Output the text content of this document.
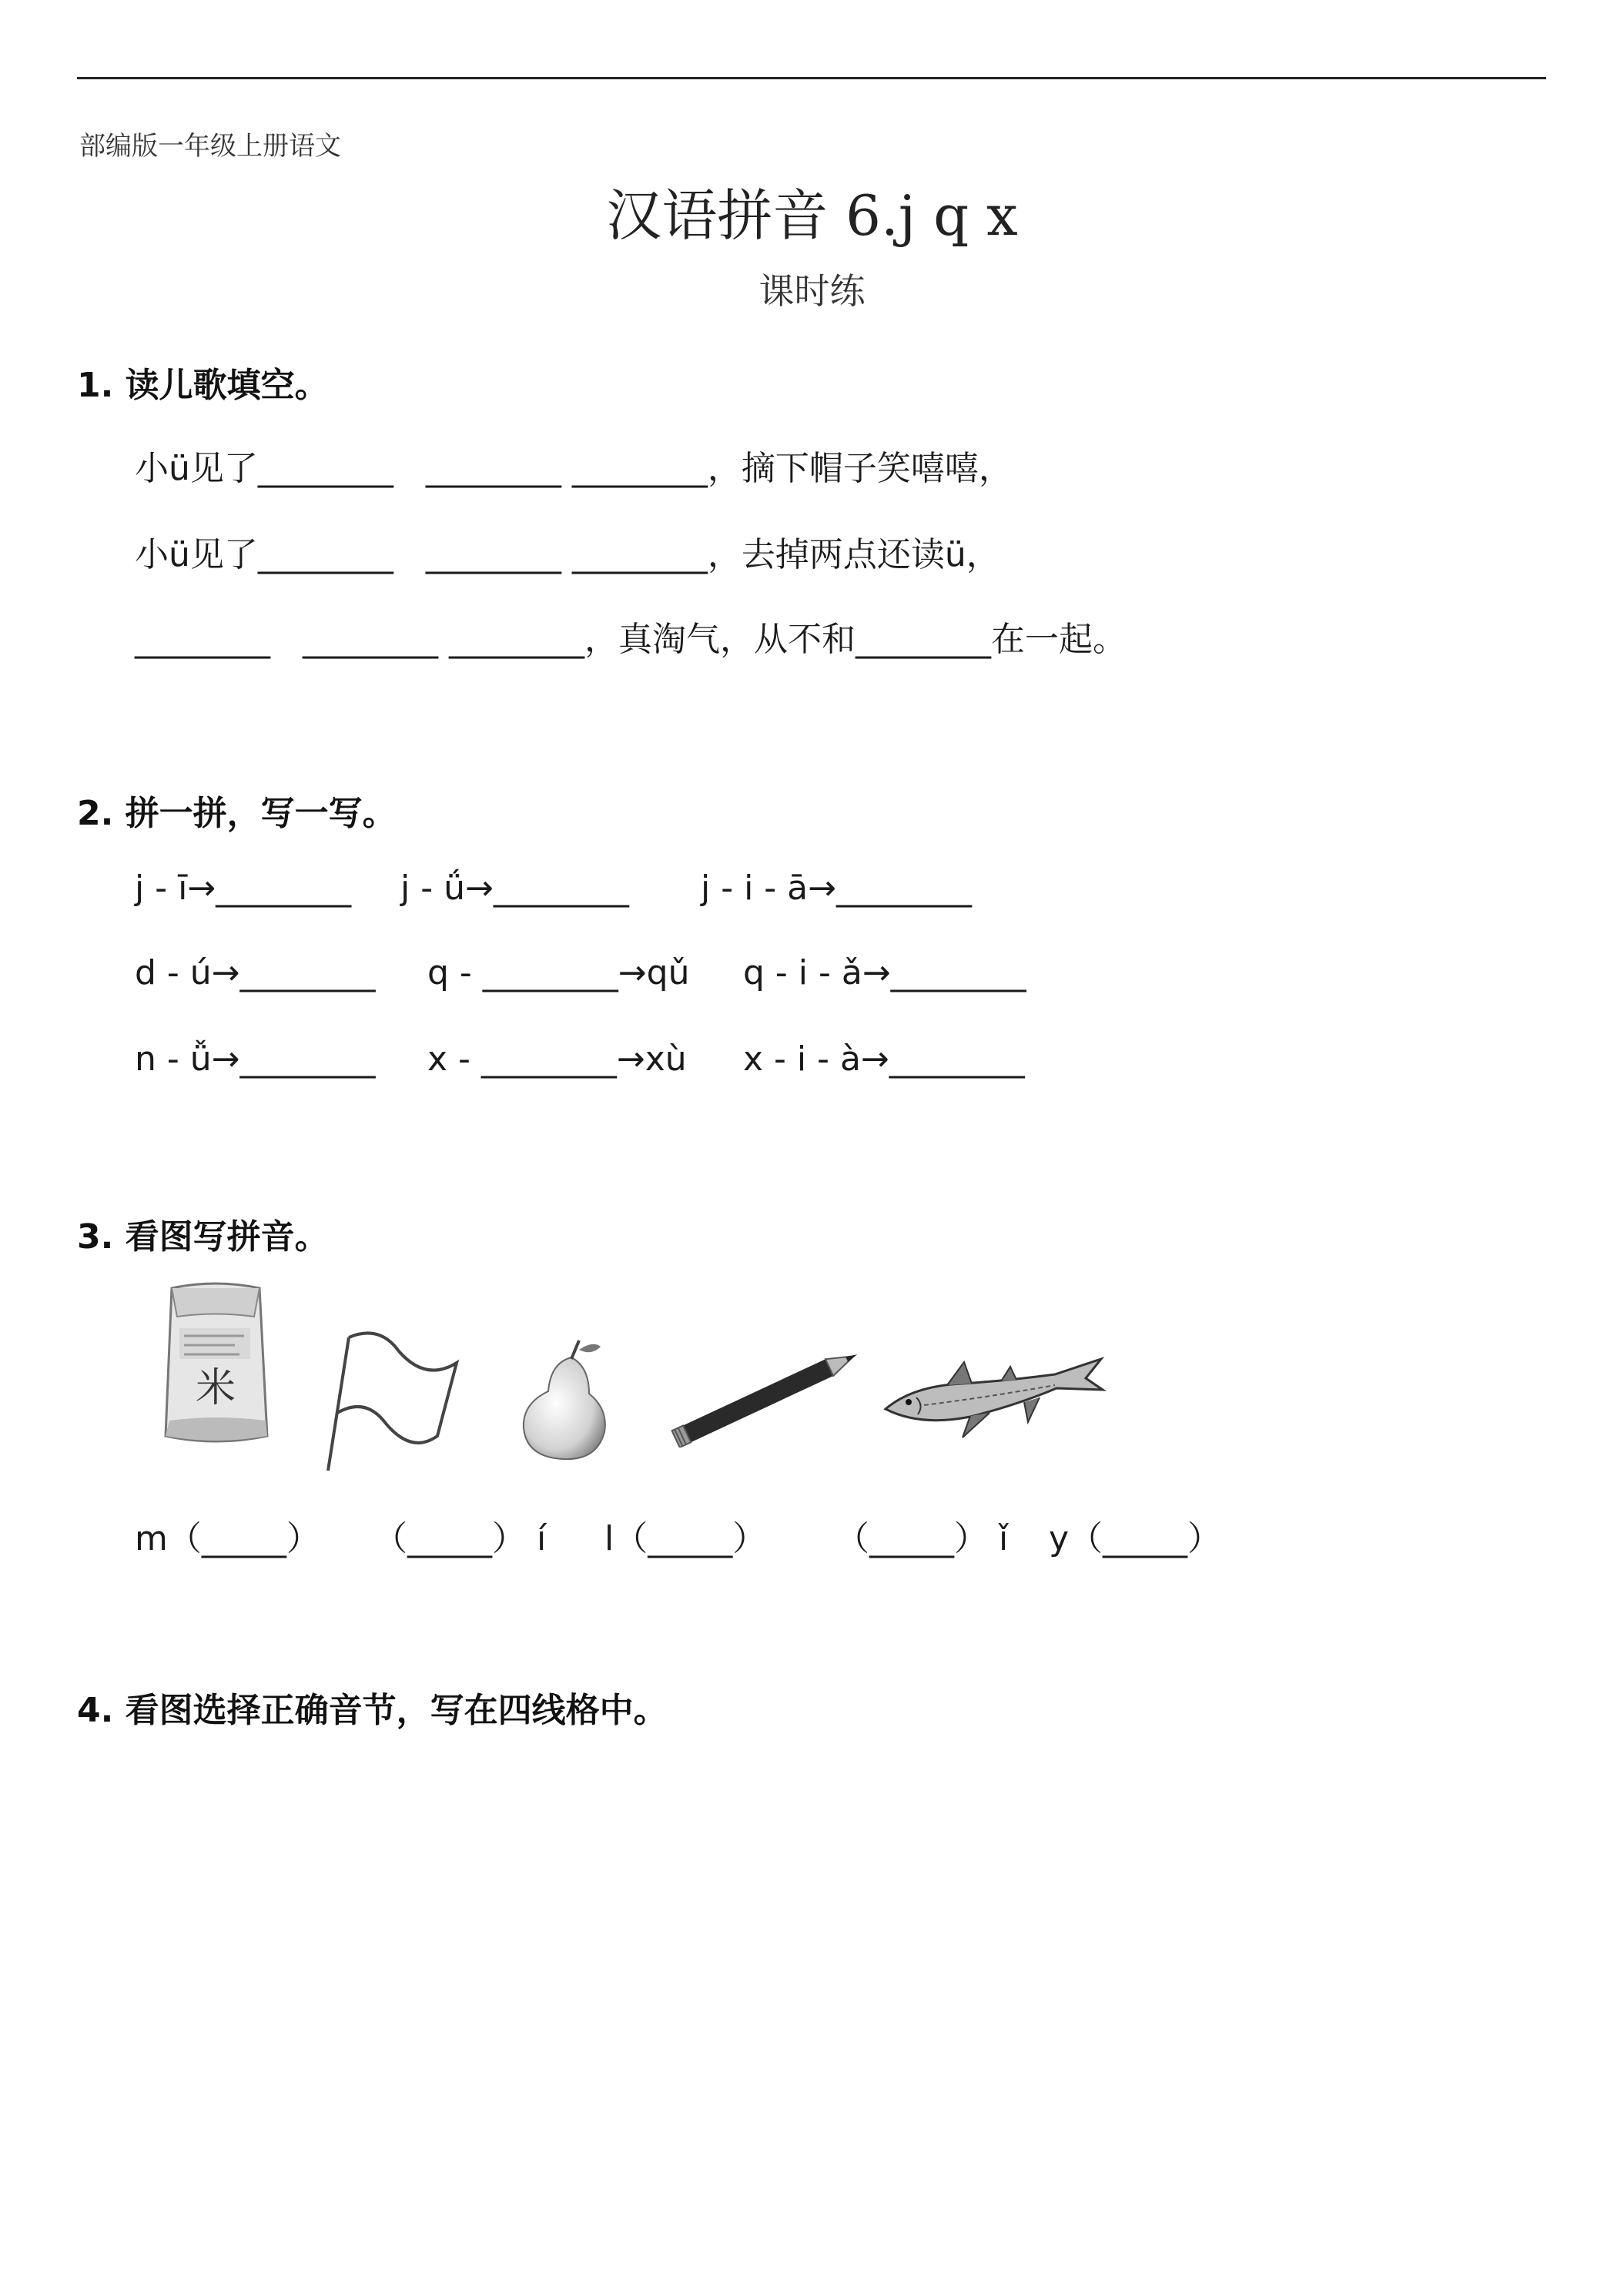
部编版一年级上册语文
汉语拼音 6.j q x
课时练
1. 读儿歌填空。
小ü见了________   ________ ________，摘下帽子笑嘻嘻，
小ü见了________   ________ ________，去掉两点还读ü，
________   ________ ________，真淘气，从不和________在一起。
2. 拼一拼，写一写。
j - ī→________ j - ǘ→________ j - i - ā→________
d - ú→________ q - ________→qǔ q - i - ǎ→________
n - ǚ→________ x - ________→xù x - i - à→________
3. 看图写拼音。
米
m（_____） （_____） í l（_____） （_____） ǐ y（_____）
4. 看图选择正确音节，写在四线格中。
